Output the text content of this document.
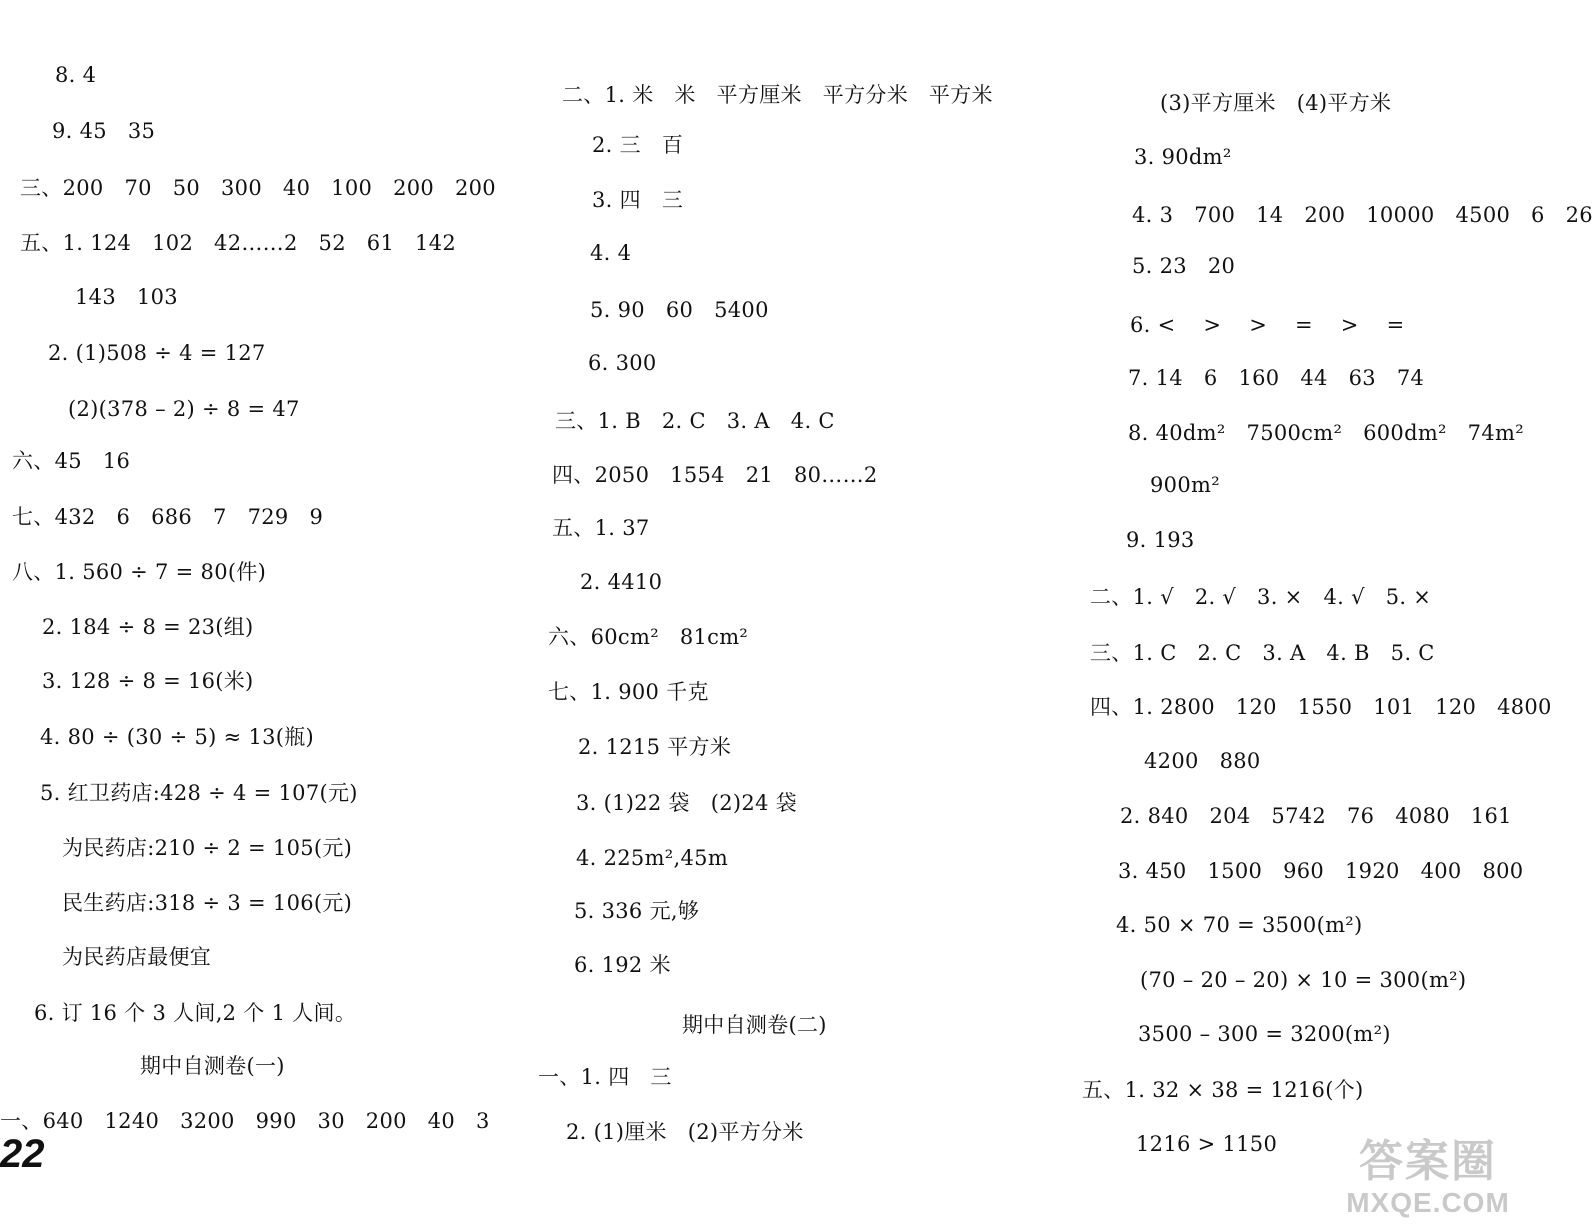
8. 4
9. 45   35
三、200   70   50   300   40   100   200   200
五、1. 124   102   42……2   52   61   142
143   103
2. (1)508 ÷ 4 = 127
(2)(378 – 2) ÷ 8 = 47
六、45   16
七、432   6   686   7   729   9
八、1. 560 ÷ 7 = 80(件)
2. 184 ÷ 8 = 23(组)
3. 128 ÷ 8 = 16(米)
4. 80 ÷ (30 ÷ 5) ≈ 13(瓶)
5. 红卫药店:428 ÷ 4 = 107(元)
为民药店:210 ÷ 2 = 105(元)
民生药店:318 ÷ 3 = 106(元)
为民药店最便宜
6. 订 16 个 3 人间,2 个 1 人间。
期中自测卷(一)
一、640   1240   3200   990   30   200   40   3
二、1. 米   米   平方厘米   平方分米   平方米
2. 三   百
3. 四   三
4. 4
5. 90   60   5400
6. 300
三、1. B   2. C   3. A   4. C
四、2050   1554   21   80……2
五、1. 37
2. 4410
六、60cm²   81cm²
七、1. 900 千克
2. 1215 平方米
3. (1)22 袋   (2)24 袋
4. 225m²,45m
5. 336 元,够
6. 192 米
期中自测卷(二)
一、1. 四   三
2. (1)厘米   (2)平方分米
(3)平方厘米   (4)平方米
3. 90dm²
4. 3   700   14   200   10000   4500   6   26
5. 23   20
6. <    >    >    =    >    =
7. 14   6   160   44   63   74
8. 40dm²   7500cm²   600dm²   74m²
900m²
9. 193
二、1. √   2. √   3. ×   4. √   5. ×
三、1. C   2. C   3. A   4. B   5. C
四、1. 2800   120   1550   101   120   4800
4200   880
2. 840   204   5742   76   4080   161
3. 450   1500   960   1920   400   800
4. 50 × 70 = 3500(m²)
(70 – 20 – 20) × 10 = 300(m²)
3500 – 300 = 3200(m²)
五、1. 32 × 38 = 1216(个)
1216 > 1150
22	答案圈
MXQE.COM
